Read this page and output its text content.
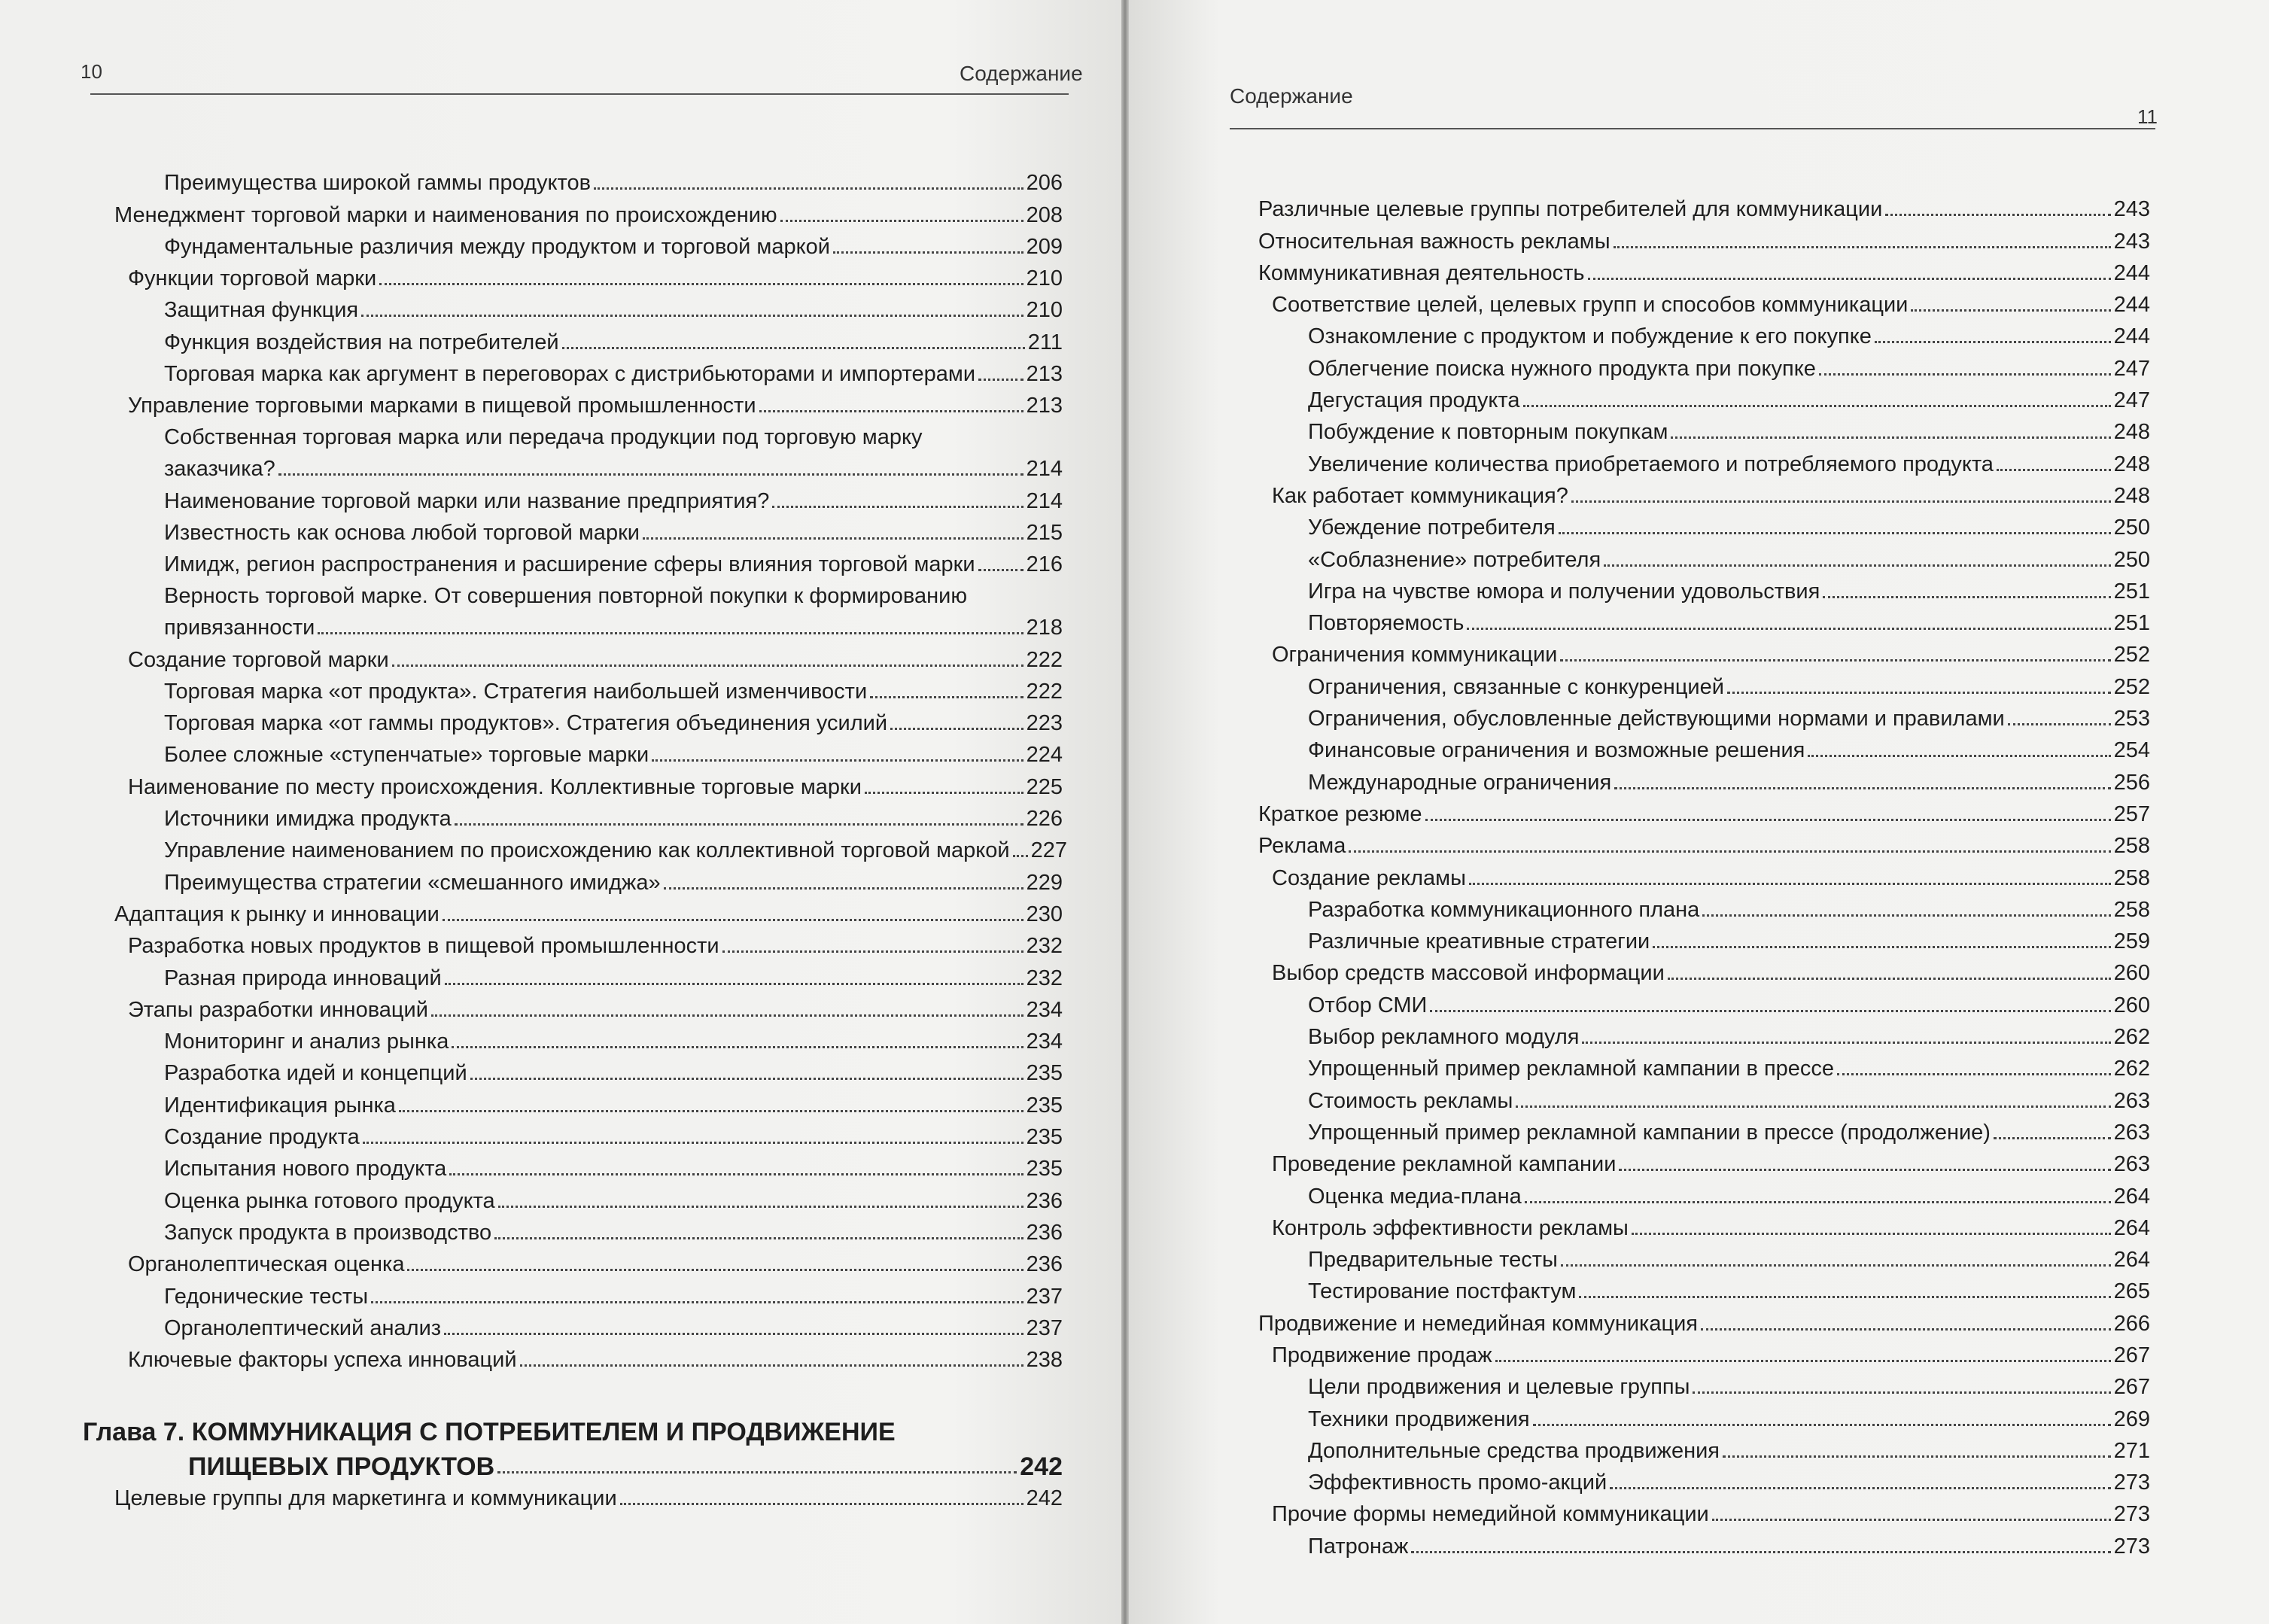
10	Содержание
Преимущества широкой гаммы продуктов	206
Менеджмент торговой марки и наименования по происхождению	208
Фундаментальные различия между продуктом и торговой маркой	209
Функции торговой марки	210
Защитная функция	210
Функция воздействия на потребителей	211
Торговая марка как аргумент в переговорах с дистрибьюторами и импортерами 213
Управление торговыми марками в пищевой промышленности	213
Собственная торговая марка или передача продукции под торговую марку
заказчика?	214
Наименование торговой марки или название предприятия?	214
Известность как основа любой торговой марки	215
Имидж, регион распространения и расширение сферы влияния торговой марки 216
Верность торговой марке. От совершения повторной покупки к формированию
привязанности	218
Создание торговой марки	222
Торговая марка «от продукта». Стратегия наибольшей изменчивости	222
Торговая марка «от гаммы продуктов». Стратегия объединения усилий	223
Более сложные «ступенчатые» торговые марки	224
Наименование по месту происхождения. Коллективные торговые марки	225
Источники имиджа продукта	226
Управление наименованием по происхождению как коллективной торговой маркой 227
Преимущества стратегии «смешанного имиджа»	229
Адаптация к рынку и инновации	230
Разработка новых продуктов в пищевой промышленности	232
Разная природа инноваций	232
Этапы разработки инноваций	234
Мониторинг и анализ рынка	234
Разработка идей и концепций	235
Идентификация рынка	235
Создание продукта	235
Испытания нового продукта	235
Оценка рынка готового продукта	236
Запуск продукта в производство	236
Органолептическая оценка	236
Гедонические тесты	237
Органолептический анализ	237
Ключевые факторы успеха инноваций	238
Глава 7. КОММУНИКАЦИЯ С ПОТРЕБИТЕЛЕМ И ПРОДВИЖЕНИЕ
ПИЩЕВЫХ ПРОДУКТОВ	242
Целевые группы для маркетинга и коммуникации	242
Содержание
11
Различные целевые группы потребителей для коммуникации	243
Относительная важность рекламы	243
Коммуникативная деятельность	244
Соответствие целей, целевых групп и способов коммуникации	244
Ознакомление с продуктом и побуждение к его покупке	244
Облегчение поиска нужного продукта при покупке	247
Дегустация продукта	247
Побуждение к повторным покупкам	248
Увеличение количества приобретаемого и потребляемого продукта	248
Как работает коммуникация?	248
Убеждение потребителя	250
«Соблазнение» потребителя	250
Игра на чувстве юмора и получении удовольствия	251
Повторяемость	251
Ограничения коммуникации	252
Ограничения, связанные с конкуренцией	252
Ограничения, обусловленные действующими нормами и правилами	253
Финансовые ограничения и возможные решения	254
Международные ограничения	256
Краткое резюме	257
Реклама	258
Создание рекламы	258
Разработка коммуникационного плана	258
Различные креативные стратегии	259
Выбор средств массовой информации	260
Отбор СМИ	260
Выбор рекламного модуля	262
Упрощенный пример рекламной кампании в прессе	262
Стоимость рекламы	263
Упрощенный пример рекламной кампании в прессе (продолжение)	263
Проведение рекламной кампании	263
Оценка медиа-плана	264
Контроль эффективности рекламы	264
Предварительные тесты	264
Тестирование постфактум	265
Продвижение и немедийная коммуникация	266
Продвижение продаж	267
Цели продвижения и целевые группы	267
Техники продвижения	269
Дополнительные средства продвижения	271
Эффективность промо-акций	273
Прочие формы немедийной коммуникации	273
Патронаж	273
